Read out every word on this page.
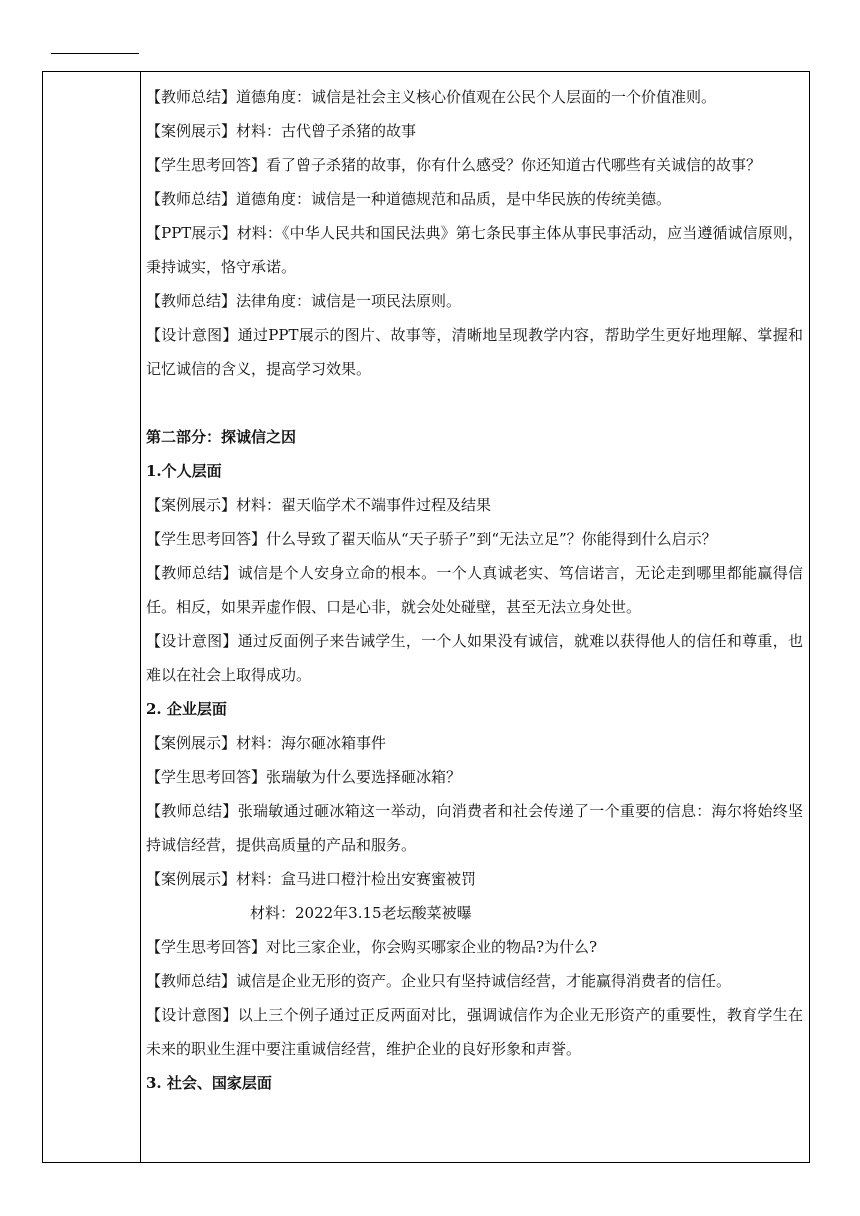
【教师总结】道德角度：诚信是社会主义核心价值观在公民个人层面的一个价值准则。

【案例展示】材料：古代曾子杀猪的故事

【学生思考回答】看了曾子杀猪的故事，你有什么感受？你还知道古代哪些有关诚信的故事？

【教师总结】道德角度：诚信是一种道德规范和品质，是中华民族的传统美德。

【PPT展示】材料：《中华人民共和国民法典》第七条民事主体从事民事活动，应当遵循诚信原则，秉持诚实，恪守承诺。

【教师总结】法律角度：诚信是一项民法原则。

【设计意图】通过PPT展示的图片、故事等，清晰地呈现教学内容，帮助学生更好地理解、掌握和记忆诚信的含义，提高学习效果。

第二部分：探诚信之因

1.个人层面

【案例展示】材料：翟天临学术不端事件过程及结果

【学生思考回答】什么导致了翟天临从“天子骄子”到“无法立足”？你能得到什么启示？

【教师总结】诚信是个人安身立命的根本。一个人真诚老实、笃信诺言，无论走到哪里都能赢得信任。相反，如果弄虚作假、口是心非，就会处处碰壁，甚至无法立身处世。

【设计意图】通过反面例子来告诫学生，一个人如果没有诚信，就难以获得他人的信任和尊重，也难以在社会上取得成功。

2. 企业层面

【案例展示】材料：海尔砸冰箱事件

【学生思考回答】张瑞敏为什么要选择砸冰箱？

【教师总结】张瑞敏通过砸冰箱这一举动，向消费者和社会传递了一个重要的信息：海尔将始终坚持诚信经营，提供高质量的产品和服务。

【案例展示】材料：盒马进口橙汁检出安赛蜜被罚

材料：2022年3.15老坛酸菜被曝

【学生思考回答】对比三家企业，你会购买哪家企业的物品?为什么?

【教师总结】诚信是企业无形的资产。企业只有坚持诚信经营，才能赢得消费者的信任。

【设计意图】以上三个例子通过正反两面对比，强调诚信作为企业无形资产的重要性，教育学生在未来的职业生涯中要注重诚信经营，维护企业的良好形象和声誉。

3. 社会、国家层面
